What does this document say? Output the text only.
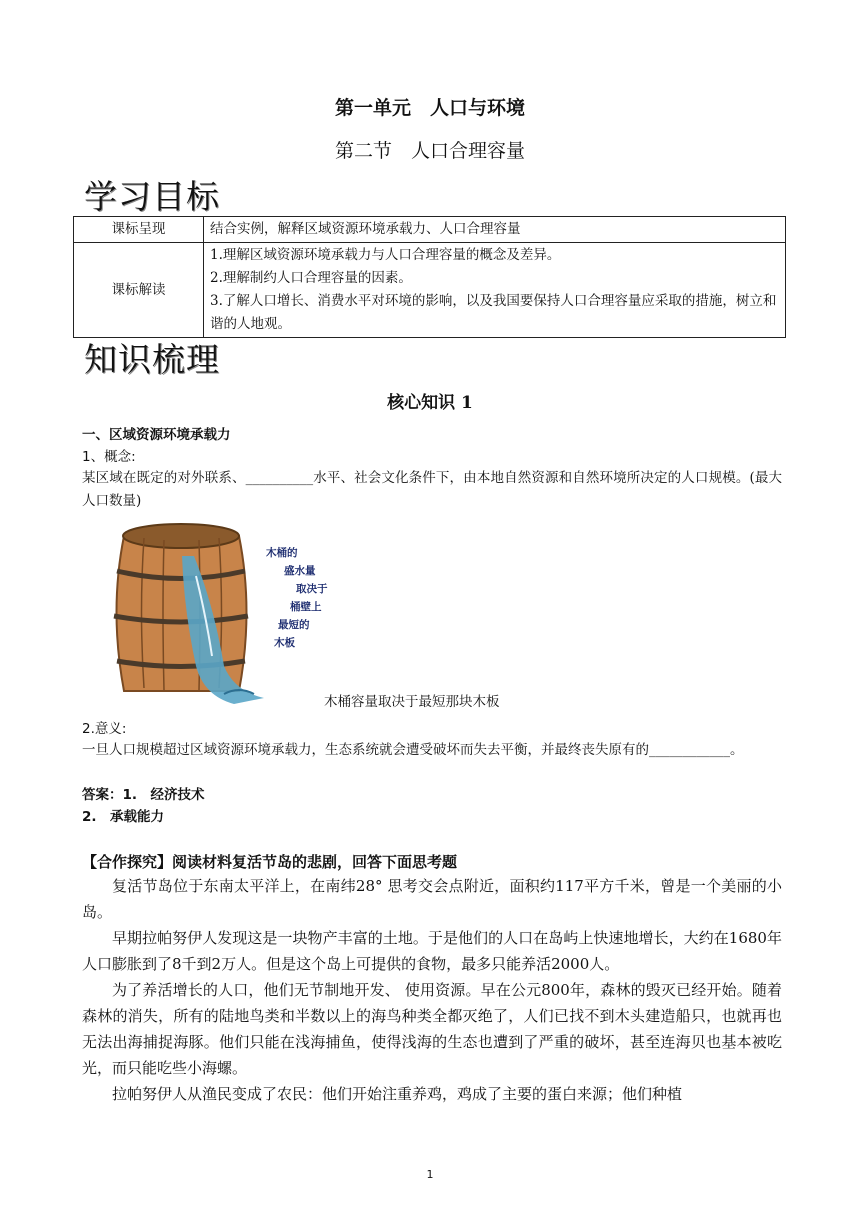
第一单元　人口与环境
第二节　人口合理容量
学习目标
课标呈现	结合实例，解释区域资源环境承载力、人口合理容量

课标解读	1.理解区域资源环境承载力与人口合理容量的概念及差异。
2.理解制约人口合理容量的因素。
3.了解人口增长、消费水平对环境的影响，以及我国要保持人口合理容量应采取的措施，树立和谐的人地观。
知识梳理
核心知识 1
一、区域资源环境承载力
1、概念:
某区域在既定的对外联系、__________水平、社会文化条件下，由本地自然资源和自然环境所决定的人口规模。(最大人口数量)
木桶的
盛水量
取决于
桶壁上
最短的
木板
木桶容量取决于最短那块木板
2.意义:
一旦人口规模超过区域资源环境承载力，生态系统就会遭受破坏而失去平衡，并最终丧失原有的____________。
答案：1.　经济技术
2.　承载能力
【合作探究】阅读材料复活节岛的悲剧，回答下面思考题

复活节岛位于东南太平洋上，在南纬28° 思考交会点附近，面积约117平方千米，曾是一个美丽的小岛。

早期拉帕努伊人发现这是一块物产丰富的土地。于是他们的人口在岛屿上快速地增长，大约在1680年人口膨胀到了8千到2万人。但是这个岛上可提供的食物，最多只能养活2000人。

为了养活增长的人口，他们无节制地开发、 使用资源。早在公元800年，森林的毁灭已经开始。随着森林的消失，所有的陆地鸟类和半数以上的海鸟种类全都灭绝了，人们已找不到木头建造船只，也就再也无法出海捕捉海豚。他们只能在浅海捕鱼，使得浅海的生态也遭到了严重的破坏，甚至连海贝也基本被吃光，而只能吃些小海螺。

拉帕努伊人从渔民变成了农民：他们开始注重养鸡，鸡成了主要的蛋白来源；他们种植

1
